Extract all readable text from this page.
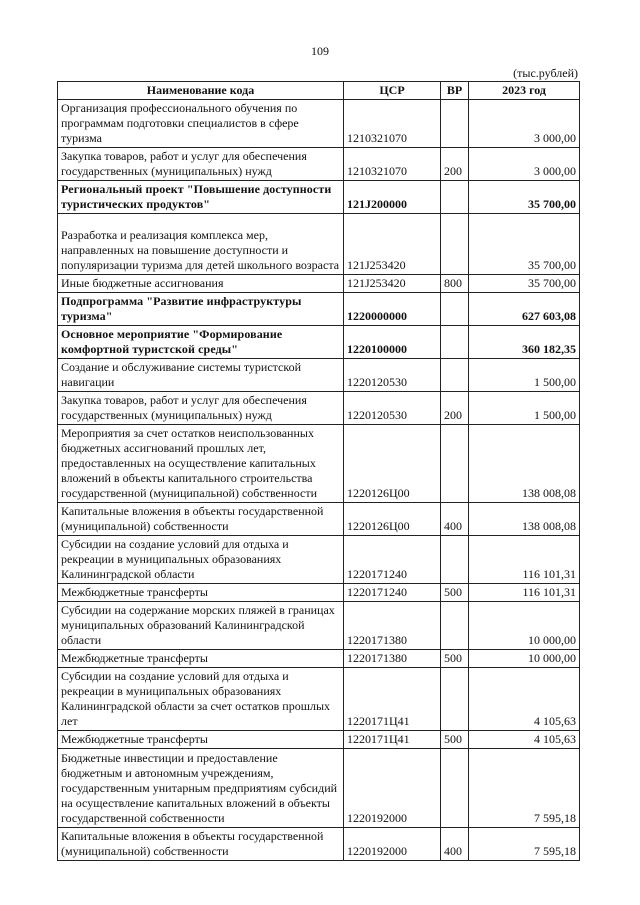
109
(тыс.рублей)
Наименование кода	ЦСР	ВР	2023 год
Организация профессионального обучения по программам подготовки специалистов в сфере туризма	1210321070		3 000,00
Закупка товаров, работ и услуг для обеспечения государственных (муниципальных) нужд	1210321070	200	3 000,00
Региональный проект "Повышение доступности туристических продуктов"	121J200000		35 700,00
Разработка и реализация комплекса мер, направленных на повышение доступности и популяризации туризма для детей школьного возраста	121J253420		35 700,00
Иные бюджетные ассигнования	121J253420	800	35 700,00
Подпрограмма "Развитие инфраструктуры туризма"	1220000000		627 603,08
Основное мероприятие "Формирование комфортной туристской среды"	1220100000		360 182,35
Создание и обслуживание системы туристской навигации	1220120530		1 500,00
Закупка товаров, работ и услуг для обеспечения государственных (муниципальных) нужд	1220120530	200	1 500,00
Мероприятия за счет остатков неиспользованных бюджетных ассигнований прошлых лет, предоставленных на осуществление капитальных вложений в объекты капитального строительства государственной (муниципальной) собственности	1220126Ц00		138 008,08
Капитальные вложения в объекты государственной (муниципальной) собственности	1220126Ц00	400	138 008,08
Субсидии на создание условий для отдыха и рекреации в муниципальных образованиях Калининградской области	1220171240		116 101,31
Межбюджетные трансферты	1220171240	500	116 101,31
Субсидии на содержание морских пляжей в границах муниципальных образований Калининградской области	1220171380		10 000,00
Межбюджетные трансферты	1220171380	500	10 000,00
Субсидии на создание условий для отдыха и рекреации в муниципальных образованиях Калининградской области за счет остатков прошлых лет	1220171Ц41		4 105,63
Межбюджетные трансферты	1220171Ц41	500	4 105,63
Бюджетные инвестиции и предоставление бюджетным и автономным учреждениям, государственным унитарным предприятиям субсидий на осуществление капитальных вложений в объекты государственной собственности	1220192000		7 595,18
Капитальные вложения в объекты государственной (муниципальной) собственности	1220192000	400	7 595,18
